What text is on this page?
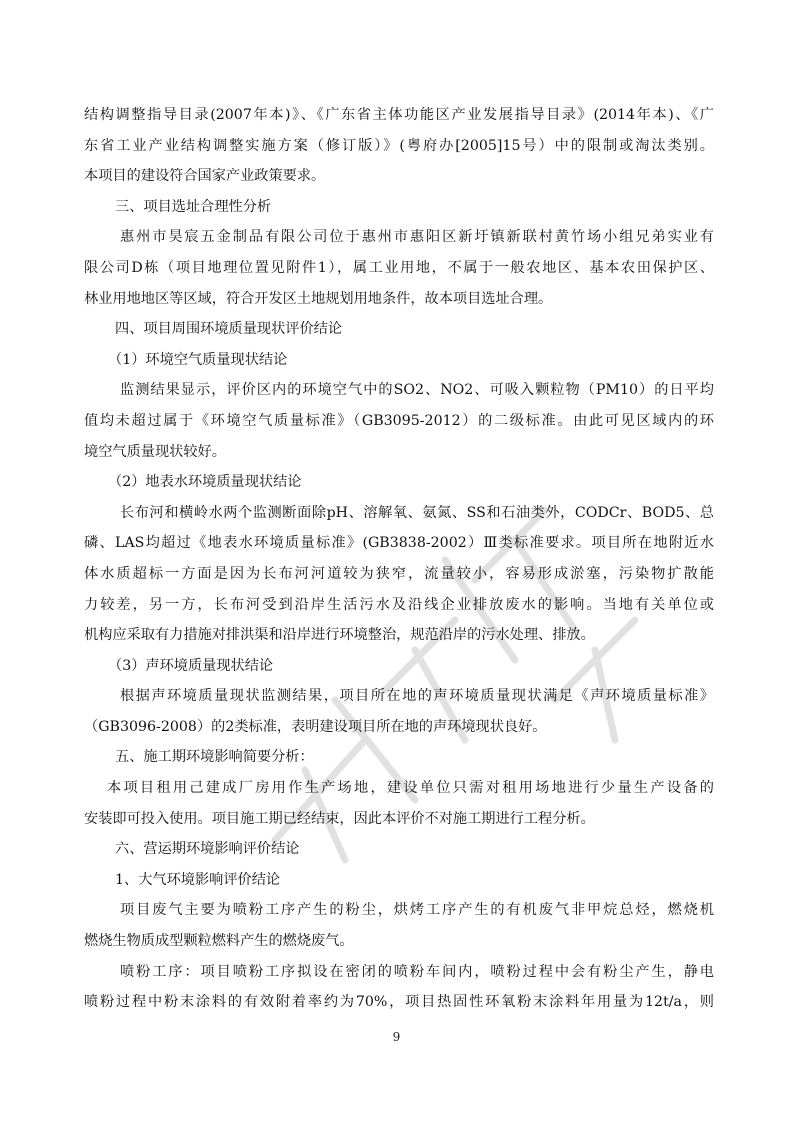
结构调整指导目录(2007年本)》、《广东省主体功能区产业发展指导目录》(2014年本)、《广
东省工业产业结构调整实施方案（修订版）》(粤府办[2005]15号）中的限制或淘汰类别。
本项目的建设符合国家产业政策要求。
三、项目选址合理性分析
惠州市昊宸五金制品有限公司位于惠州市惠阳区新圩镇新联村黄竹场小组兄弟实业有
限公司D栋（项目地理位置见附件1），属工业用地，不属于一般农地区、基本农田保护区、
林业用地地区等区域，符合开发区土地规划用地条件，故本项目选址合理。
四、项目周围环境质量现状评价结论
（1）环境空气质量现状结论
监测结果显示，评价区内的环境空气中的SO2、NO2、可吸入颗粒物（PM10）的日平均
值均未超过属于《环境空气质量标准》（GB3095-2012）的二级标准。由此可见区域内的环
境空气质量现状较好。
（2）地表水环境质量现状结论
长布河和横岭水两个监测断面除pH、溶解氧、氨氮、SS和石油类外，CODCr、BOD5、总
磷、LAS均超过《地表水环境质量标准》(GB3838-2002）Ⅲ类标准要求。项目所在地附近水
体水质超标一方面是因为长布河河道较为狭窄，流量较小，容易形成淤塞，污染物扩散能
力较差，另一方，长布河受到沿岸生活污水及沿线企业排放废水的影响。当地有关单位或
机构应采取有力措施对排洪渠和沿岸进行环境整治，规范沿岸的污水处理、排放。
（3）声环境质量现状结论
根据声环境质量现状监测结果，项目所在地的声环境质量现状满足《声环境质量标准》
（GB3096-2008）的2类标准，表明建设项目所在地的声环境现状良好。
五、施工期环境影响简要分析：
本项目租用己建成厂房用作生产场地，建设单位只需对租用场地进行少量生产设备的
安装即可投入使用。项目施工期已经结束，因此本评价不对施工期进行工程分析。
六、营运期环境影响评价结论
1、大气环境影响评价结论
项目废气主要为喷粉工序产生的粉尘，烘烤工序产生的有机废气非甲烷总烃，燃烧机
燃烧生物质成型颗粒燃料产生的燃烧废气。
喷粉工序：项目喷粉工序拟设在密闭的喷粉车间内，喷粉过程中会有粉尘产生，静电
喷粉过程中粉末涂料的有效附着率约为70%，项目热固性环氧粉末涂料年用量为12t/a，则
9
